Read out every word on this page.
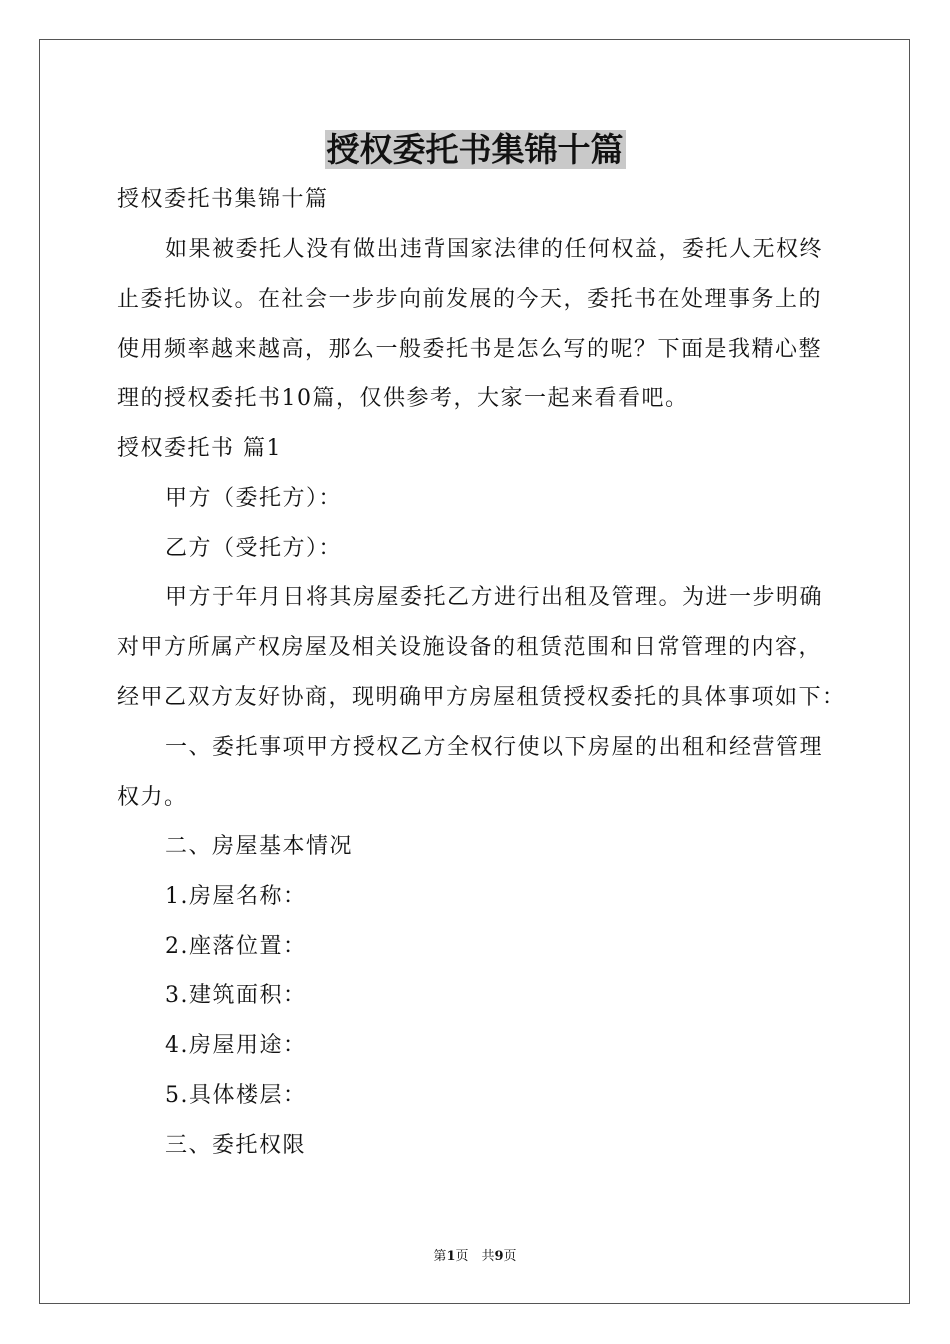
授权委托书集锦十篇
授权委托书集锦十篇
如果被委托人没有做出违背国家法律的任何权益，委托人无权终
止委托协议。在社会一步步向前发展的今天，委托书在处理事务上的
使用频率越来越高，那么一般委托书是怎么写的呢？下面是我精心整
理的授权委托书10篇，仅供参考，大家一起来看看吧。
授权委托书 篇1
甲方（委托方）：
乙方（受托方）：
甲方于年月日将其房屋委托乙方进行出租及管理。为进一步明确
对甲方所属产权房屋及相关设施设备的租赁范围和日常管理的内容，
经甲乙双方友好协商，现明确甲方房屋租赁授权委托的具体事项如下：
一、委托事项甲方授权乙方全权行使以下房屋的出租和经营管理
权力。
二、房屋基本情况
1.房屋名称：
2.座落位置：
3.建筑面积：
4.房屋用途：
5.具体楼层：
三、委托权限
第1页　共9页
